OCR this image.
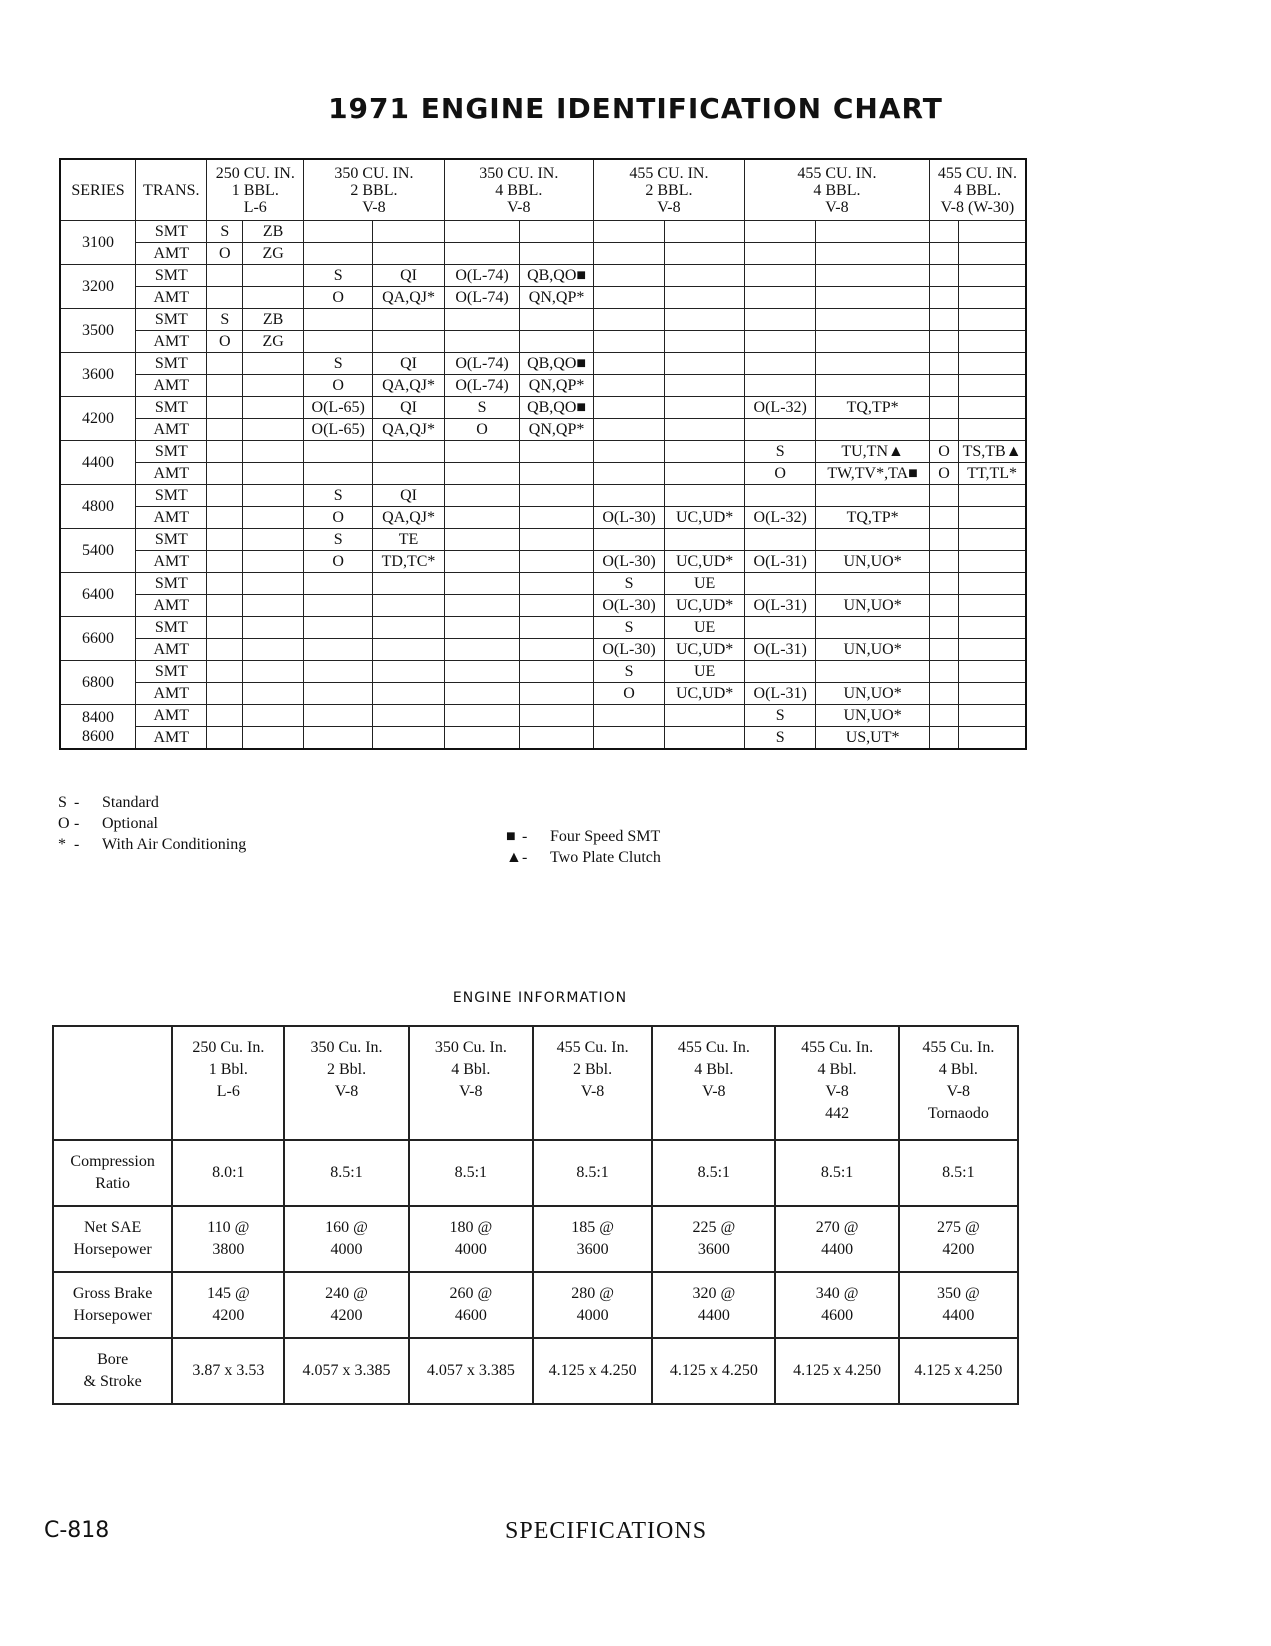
1971 ENGINE IDENTIFICATION CHART
SERIES	TRANS.	250 CU. IN.
1 BBL.
L-6		350 CU. IN.
2 BBL.
V-8		350 CU. IN.
4 BBL.
V-8		455 CU. IN.
2 BBL.
V-8		455 CU. IN.
4 BBL.
V-8		455 CU. IN.
4 BBL.
V-8 (W-30)	

3100	SMT	S	ZB										
	AMT	O	ZG										
3200	SMT			S	QI	O(L-74)	QB,QO■						
	AMT			O	QA,QJ*	O(L-74)	QN,QP*						
3500	SMT	S	ZB										
	AMT	O	ZG										
3600	SMT			S	QI	O(L-74)	QB,QO■						
	AMT			O	QA,QJ*	O(L-74)	QN,QP*						
4200	SMT			O(L-65)	QI	S	QB,QO■			O(L-32)	TQ,TP*		
	AMT			O(L-65)	QA,QJ*	O	QN,QP*						
4400	SMT									S	TU,TN▲	O	TS,TB▲
	AMT									O	TW,TV*,TA■	O	TT,TL*
4800	SMT			S	QI								
	AMT			O	QA,QJ*			O(L-30)	UC,UD*	O(L-32)	TQ,TP*		
5400	SMT			S	TE								
	AMT			O	TD,TC*			O(L-30)	UC,UD*	O(L-31)	UN,UO*		
6400	SMT							S	UE				
	AMT							O(L-30)	UC,UD*	O(L-31)	UN,UO*		
6600	SMT							S	UE				
	AMT							O(L-30)	UC,UD*	O(L-31)	UN,UO*		
6800	SMT							S	UE				
	AMT							O	UC,UD*	O(L-31)	UN,UO*		

8400
8600	AMT									S	UN,UO*		
	AMT									S	US,UT*		
S - Standard
O - Optional
* - With Air Conditioning	■ - Four Speed SMT
▲- Two Plate Clutch
ENGINE INFORMATION

	250 Cu. In.
1 Bbl.
L-6	350 Cu. In.
2 Bbl.
V-8	350 Cu. In.
4 Bbl.
V-8	455 Cu. In.
2 Bbl.
V-8	455 Cu. In.
4 Bbl.
V-8	455 Cu. In.
4 Bbl.
V-8
442	455 Cu. In.
4 Bbl.
V-8
Tornaodo

Compression
Ratio	8.0:1	8.5:1	8.5:1	8.5:1	8.5:1	8.5:1	8.5:1

Net SAE
Horsepower	110 @
3800	160 @
4000	180 @
4000	185 @
3600	225 @
3600	270 @
4400	275 @
4200

Gross Brake
Horsepower	145 @
4200	240 @
4200	260 @
4600	280 @
4000	320 @
4400	340 @
4600	350 @
4400

Bore
& Stroke	3.87 x 3.53	4.057 x 3.385	4.057 x 3.385	4.125 x 4.250	4.125 x 4.250	4.125 x 4.250	4.125 x 4.250
C-818	SPECIFICATIONS
